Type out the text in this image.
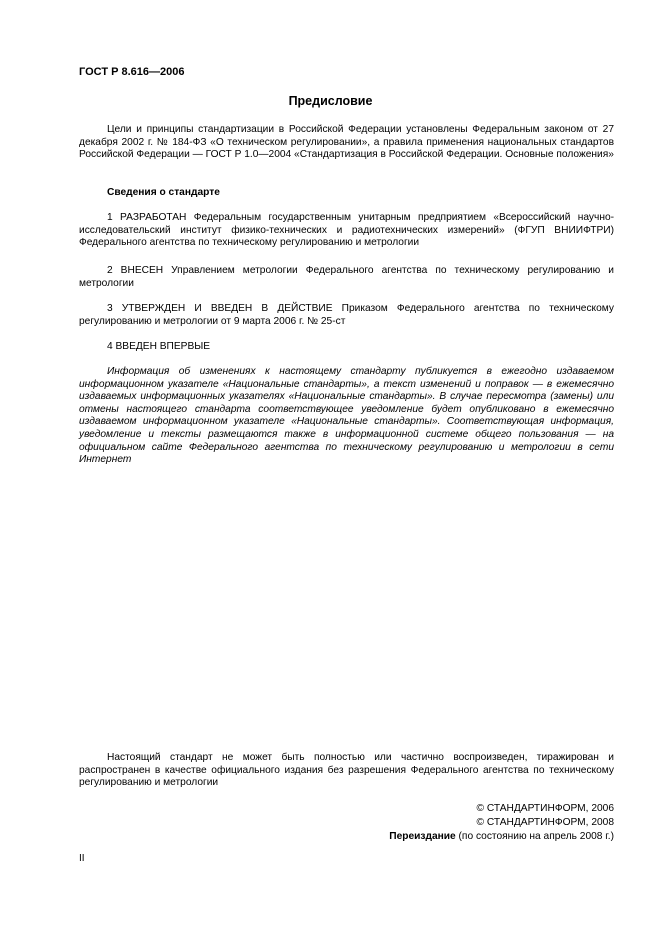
ГОСТ Р 8.616—2006
Предисловие
Цели и принципы стандартизации в Российской Федерации установлены Федеральным законом от 27 декабря 2002 г. № 184-ФЗ «О техническом регулировании», а правила применения национальных стандартов Российской Федерации — ГОСТ Р 1.0—2004 «Стандартизация в Российской Федерации. Основные положения»
Сведения о стандарте
1 РАЗРАБОТАН Федеральным государственным унитарным предприятием «Всероссийский научно-исследовательский институт физико-технических и радиотехнических измерений» (ФГУП ВНИИФТРИ) Федерального агентства по техническому регулированию и метрологии
2 ВНЕСЕН Управлением метрологии Федерального агентства по техническому регулированию и метрологии
3 УТВЕРЖДЕН И ВВЕДЕН В ДЕЙСТВИЕ Приказом Федерального агентства по техническому регулированию и метрологии от 9 марта 2006 г. № 25-ст
4 ВВЕДЕН ВПЕРВЫЕ
Информация об изменениях к настоящему стандарту публикуется в ежегодно издаваемом информационном указателе «Национальные стандарты», а текст изменений и поправок — в ежемесячно издаваемых информационных указателях «Национальные стандарты». В случае пересмотра (замены) или отмены настоящего стандарта соответствующее уведомление будет опубликовано в ежемесячно издаваемом информационном указателе «Национальные стандарты». Соответствующая информация, уведомление и тексты размещаются также в информационной системе общего пользования — на официальном сайте Федерального агентства по техническому регулированию и метрологии в сети Интернет
Настоящий стандарт не может быть полностью или частично воспроизведен, тиражирован и распространен в качестве официального издания без разрешения Федерального агентства по техническому регулированию и метрологии
© СТАНДАРТИНФОРМ, 2006
© СТАНДАРТИНФОРМ, 2008
Переиздание (по состоянию на апрель 2008 г.)
II
